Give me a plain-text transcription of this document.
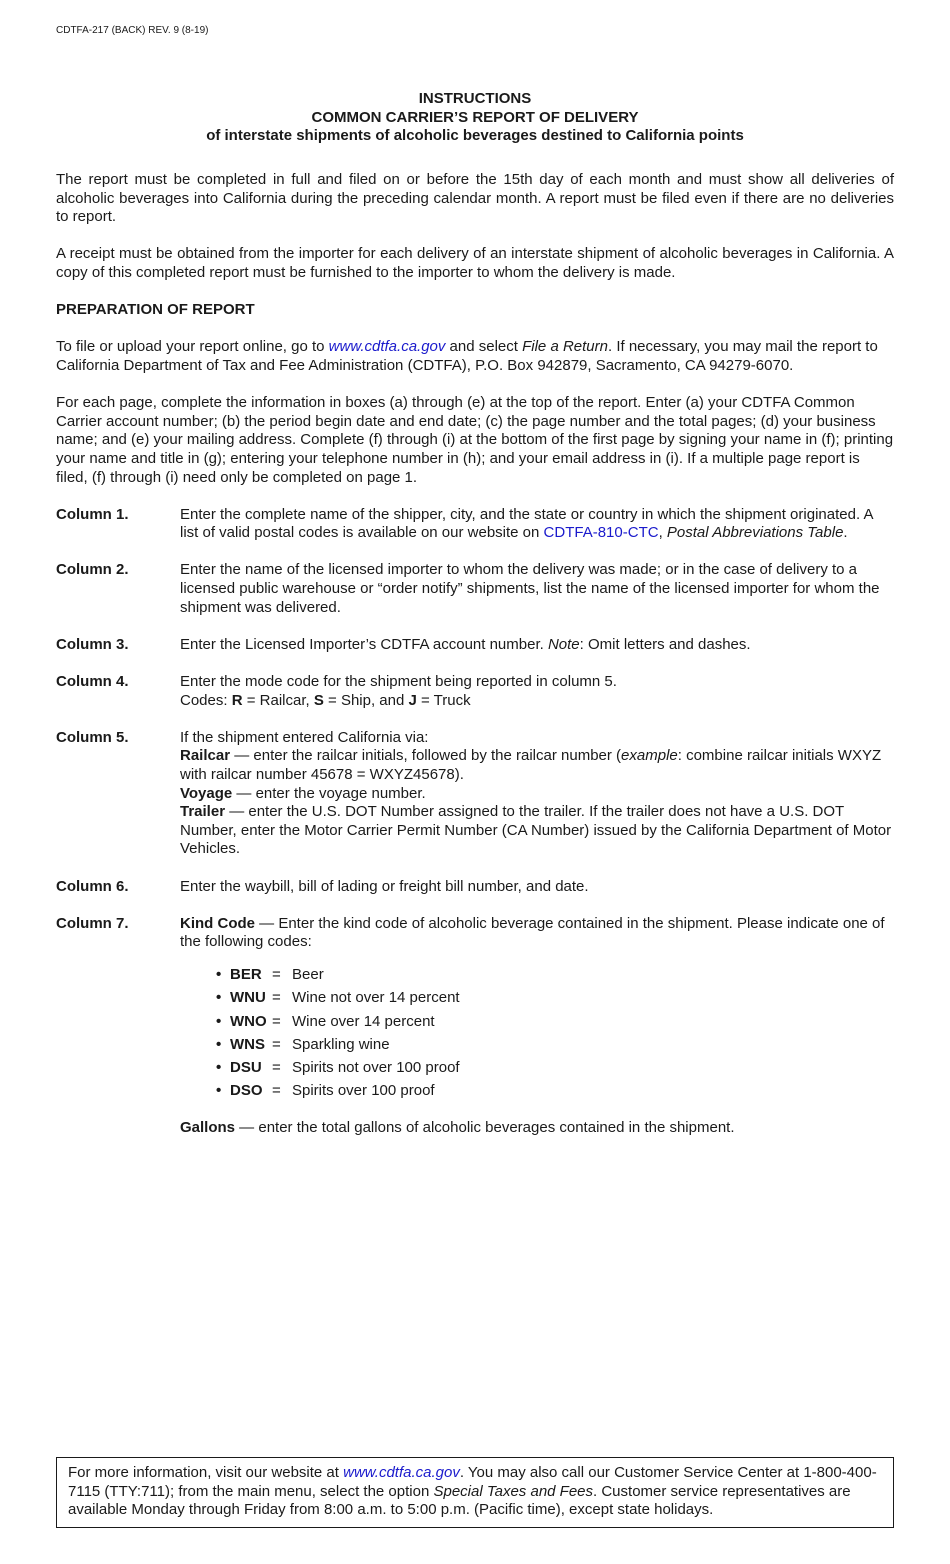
CDTFA-217 (BACK) REV. 9 (8-19)
INSTRUCTIONS
COMMON CARRIER’S REPORT OF DELIVERY
of interstate shipments of alcoholic beverages destined to California points

The report must be completed in full and filed on or before the 15th day of each month and must show all deliveries of alcoholic beverages into California during the preceding calendar month. A report must be filed even if there are no deliveries to report.

A receipt must be obtained from the importer for each delivery of an interstate shipment of alcoholic beverages in California. A copy of this completed report must be furnished to the importer to whom the delivery is made.

PREPARATION OF REPORT

To file or upload your report online, go to www.cdtfa.ca.gov and select File a Return. If necessary, you may mail the report to California Department of Tax and Fee Administration (CDTFA), P.O. Box 942879, Sacramento, CA 94279-6070.

For each page, complete the information in boxes (a) through (e) at the top of the report. Enter (a) your CDTFA Common Carrier account number; (b) the period begin date and end date; (c) the page number and the total pages; (d) your business name; and (e) your mailing address. Complete (f) through (i) at the bottom of the first page by signing your name in (f); printing your name and title in (g); entering your telephone number in (h); and your email address in (i). If a multiple page report is filed, (f) through (i) need only be completed on page 1.

Column 1.	Enter the complete name of the shipper, city, and the state or country in which the shipment originated. A list of valid postal codes is available on our website on CDTFA-810-CTC, Postal Abbreviations Table.
Column 2.	Enter the name of the licensed importer to whom the delivery was made; or in the case of delivery to a licensed public warehouse or “order notify” shipments, list the name of the licensed importer for whom the shipment was delivered.
Column 3.	Enter the Licensed Importer’s CDTFA account number. Note: Omit letters and dashes.
Column 4.	Enter the mode code for the shipment being reported in column 5.
Codes: R = Railcar, S = Ship, and J = Truck
Column 5.	If the shipment entered California via:
Railcar — enter the railcar initials, followed by the railcar number (example: combine railcar initials WXYZ with railcar number 45678 = WXYZ45678).
Voyage — enter the voyage number.
Trailer — enter the U.S. DOT Number assigned to the trailer. If the trailer does not have a U.S. DOT Number, enter the Motor Carrier Permit Number (CA Number) issued by the California Department of Motor Vehicles.
Column 6.	Enter the waybill, bill of lading or freight bill number, and date.
Column 7.	Kind Code — Enter the kind code of alcoholic beverage contained in the shipment. Please indicate one of the following codes:
• BER = Beer
• WNU = Wine not over 14 percent
• WNO = Wine over 14 percent
• WNS = Sparkling wine
• DSU = Spirits not over 100 proof
• DSO = Spirits over 100 proof
Gallons — enter the total gallons of alcoholic beverages contained in the shipment.
For more information, visit our website at www.cdtfa.ca.gov. You may also call our Customer Service Center at 1-800-400-7115 (TTY:711); from the main menu, select the option Special Taxes and Fees. Customer service representatives are available Monday through Friday from 8:00 a.m. to 5:00 p.m. (Pacific time), except state holidays.
